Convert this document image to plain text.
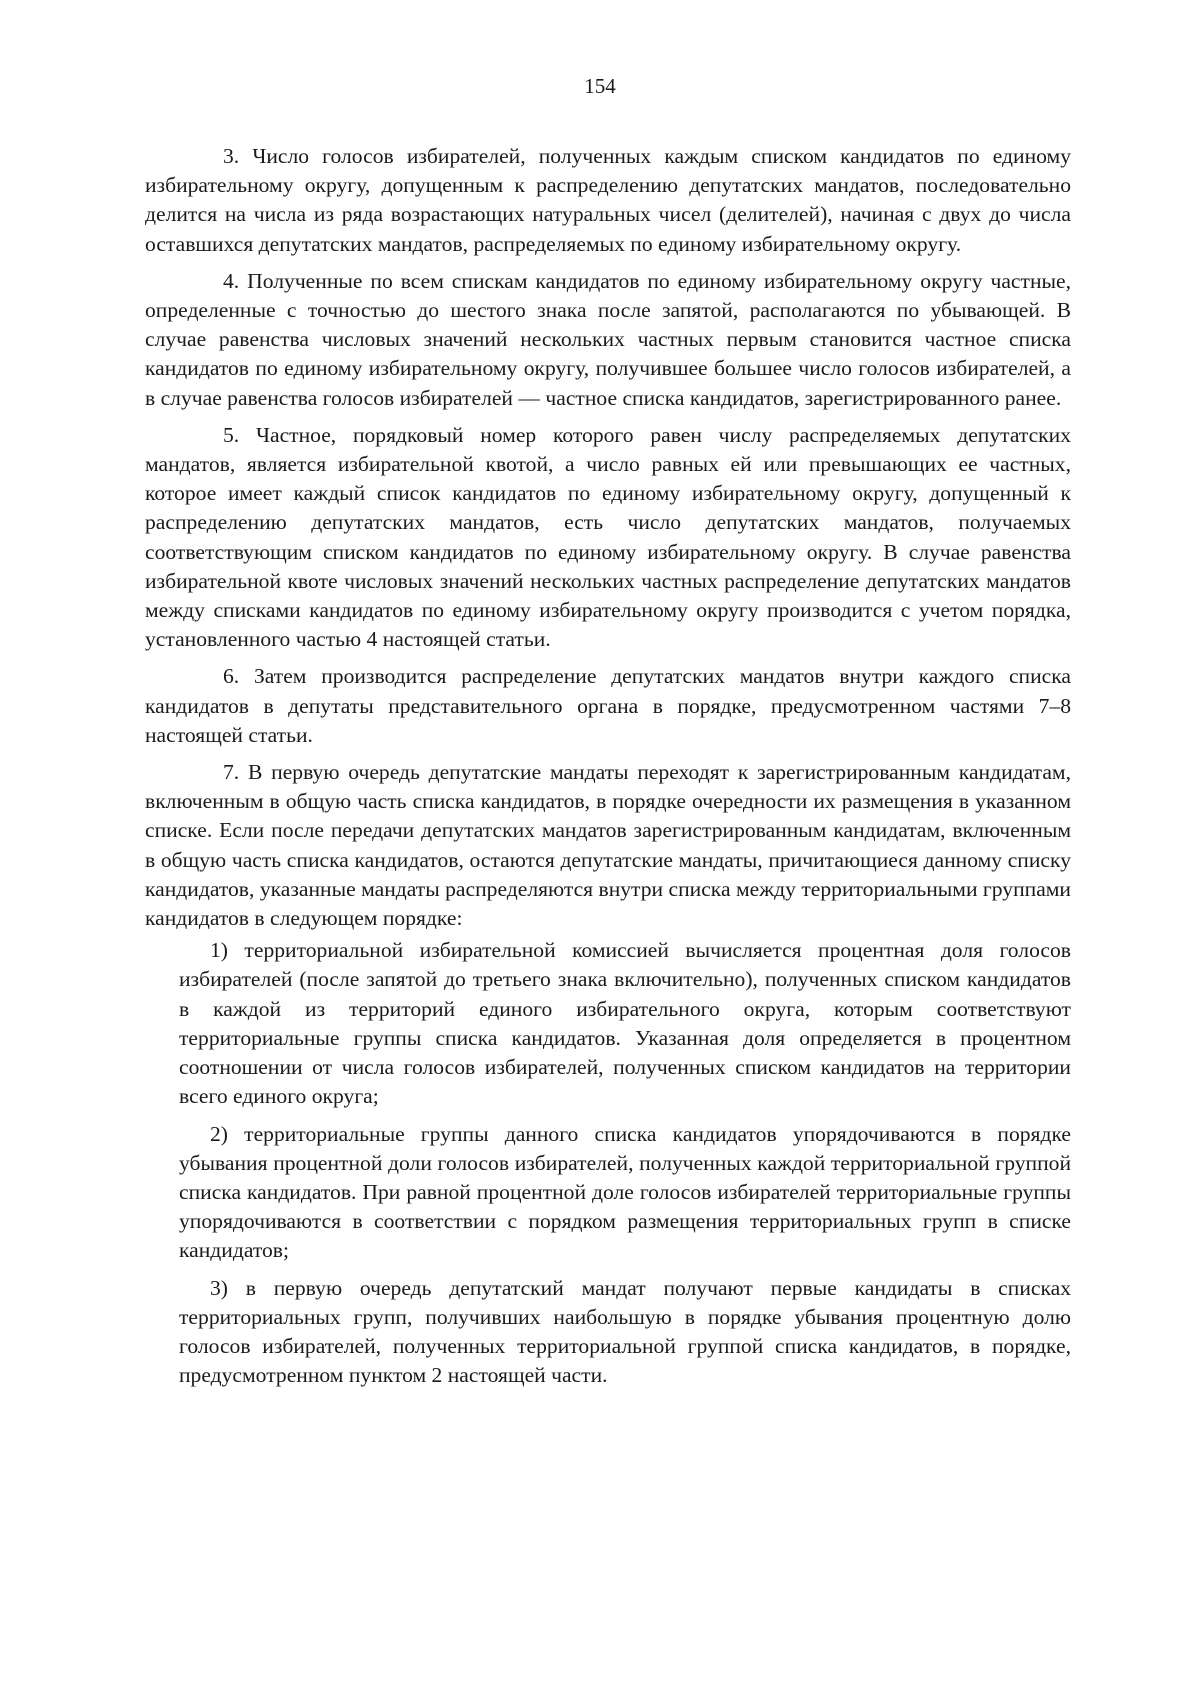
154

3. Число голосов избирателей, полученных каждым списком кандидатов по единому избирательному округу, допущенным к распределению депутатских мандатов, последовательно делится на числа из ряда возрастающих натуральных чисел (делителей), начиная с двух до числа оставшихся депутатских мандатов, распределяемых по единому избирательному округу.

4. Полученные по всем спискам кандидатов по единому избирательному округу частные, определенные с точностью до шестого знака после запятой, располагаются по убывающей. В случае равенства числовых значений нескольких частных первым становится частное списка кандидатов по единому избирательному округу, получившее большее число голосов избирателей, а в случае равенства голосов избирателей — частное списка кандидатов, зарегистрированного ранее.

5. Частное, порядковый номер которого равен числу распределяемых депутатских мандатов, является избирательной квотой, а число равных ей или превышающих ее частных, которое имеет каждый список кандидатов по единому избирательному округу, допущенный к распределению депутатских мандатов, есть число депутатских мандатов, получаемых соответствующим списком кандидатов по единому избирательному округу. В случае равенства избирательной квоте числовых значений нескольких частных распределение депутатских мандатов между списками кандидатов по единому избирательному округу производится с учетом порядка, установленного частью 4 настоящей статьи.

6. Затем производится распределение депутатских мандатов внутри каждого списка кандидатов в депутаты представительного органа в порядке, предусмотренном частями 7–8 настоящей статьи.

7. В первую очередь депутатские мандаты переходят к зарегистрированным кандидатам, включенным в общую часть списка кандидатов, в порядке очередности их размещения в указанном списке. Если после передачи депутатских мандатов зарегистрированным кандидатам, включенным в общую часть списка кандидатов, остаются депутатские мандаты, причитающиеся данному списку кандидатов, указанные мандаты распределяются внутри списка между территориальными группами кандидатов в следующем порядке:

1) территориальной избирательной комиссией вычисляется процентная доля голосов избирателей (после запятой до третьего знака включительно), полученных списком кандидатов в каждой из территорий единого избирательного округа, которым соответствуют территориальные группы списка кандидатов. Указанная доля определяется в процентном соотношении от числа голосов избирателей, полученных списком кандидатов на территории всего единого округа;

2) территориальные группы данного списка кандидатов упорядочиваются в порядке убывания процентной доли голосов избирателей, полученных каждой территориальной группой списка кандидатов. При равной процентной доле голосов избирателей территориальные группы упорядочиваются в соответствии с порядком размещения территориальных групп в списке кандидатов;

3) в первую очередь депутатский мандат получают первые кандидаты в списках территориальных групп, получивших наибольшую в порядке убывания процентную долю голосов избирателей, полученных территориальной группой списка кандидатов, в порядке, предусмотренном пунктом 2 настоящей части.
